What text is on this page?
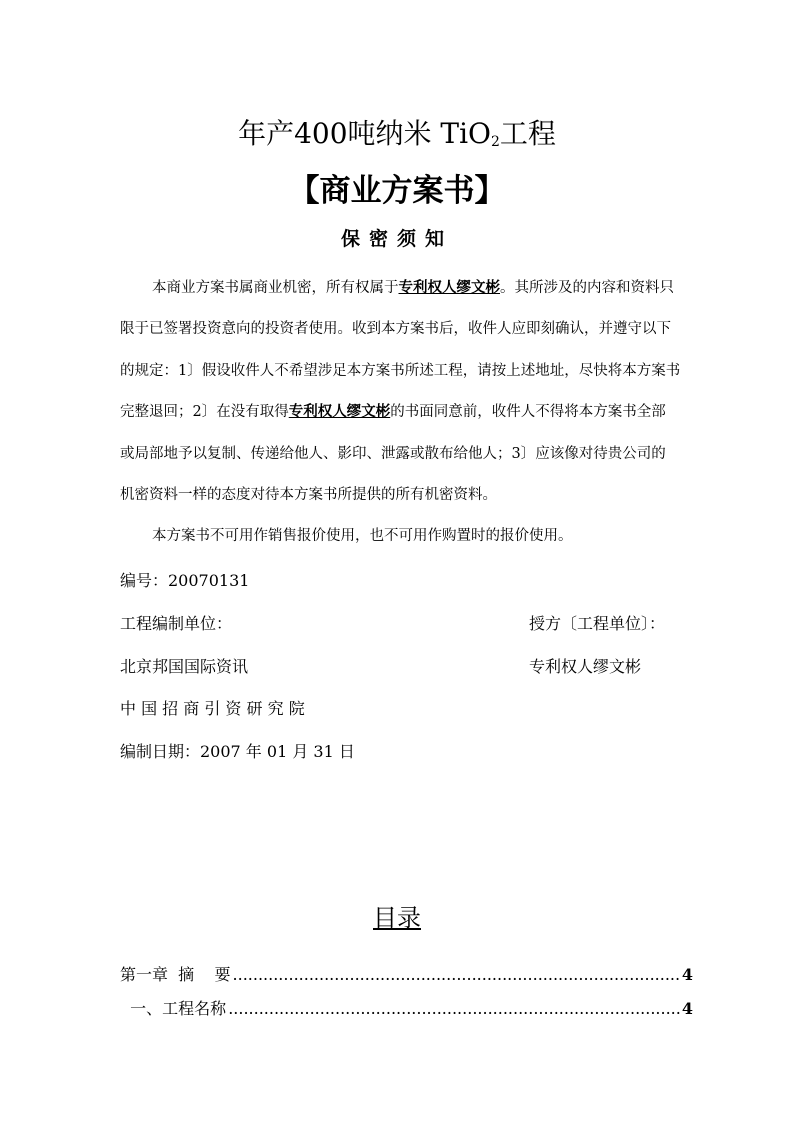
年产400吨纳米 TiO$_2$工程
【商业方案书】
保密须知
本商业方案书属商业机密，所有权属于专利权人缪文彬。其所涉及的内容和资料只
限于已签署投资意向的投资者使用。收到本方案书后，收件人应即刻确认，并遵守以下
的规定：1〕假设收件人不希望涉足本方案书所述工程，请按上述地址，尽快将本方案书
完整退回；2〕在没有取得专利权人缪文彬的书面同意前，收件人不得将本方案书全部
或局部地予以复制、传递给他人、影印、泄露或散布给他人；3〕应该像对待贵公司的
机密资料一样的态度对待本方案书所提供的所有机密资料。
本方案书不可用作销售报价使用，也不可用作购置时的报价使用。
编号：20070131
工程编制单位：	授方〔工程单位〕：
北京邦国国际资讯	专利权人缪文彬
中 国 招 商 引 资 研 究 院
编制日期：2007 年 01 月 31 日
目录
第一章  摘    要 .....	4
一、工程名称 .....	4
